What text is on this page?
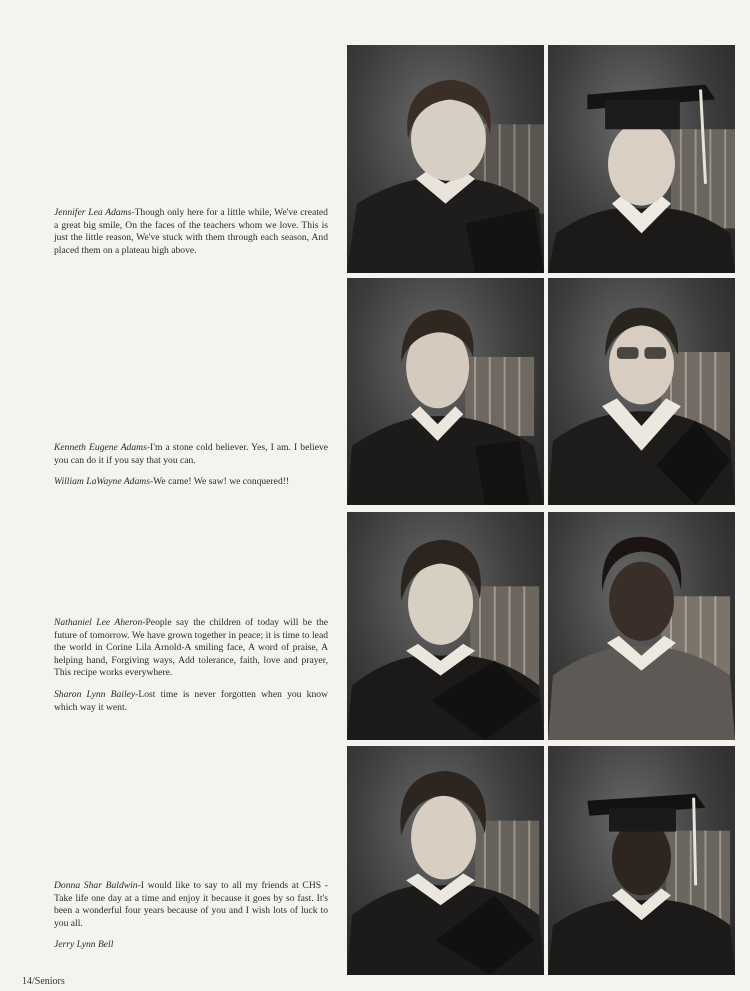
Jennifer Lea Adams-Though only here for a little while, We've created a great big smile, On the faces of the teachers whom we love. This is just the little reason, We've stuck with them through each season, And placed them on a plateau high above.

Kenneth Eugene Adams-I'm a stone cold believer. Yes, I am. I believe you can do it if you say that you can.

William LaWayne Adams-We came! We saw! we conquered!!

Nathaniel Lee Aheron-People say the children of today will be the future of tomorrow. We have grown together in peace; it is time to lead the world in Corine Lila Arnold-A smiling face, A word of praise, A helping hand, Forgiving ways, Add tolerance, faith, love and prayer, This recipe works everywhere.

Sharon Lynn Bailey-Lost time is never forgotten when you know which way it went.

Donna Shar Baldwin-I would like to say to all my friends at CHS - Take life one day at a time and enjoy it because it goes by so fast. It's been a wonderful four years because of you and I wish lots of luck to you all.

Jerry Lynn Bell

14/Seniors
